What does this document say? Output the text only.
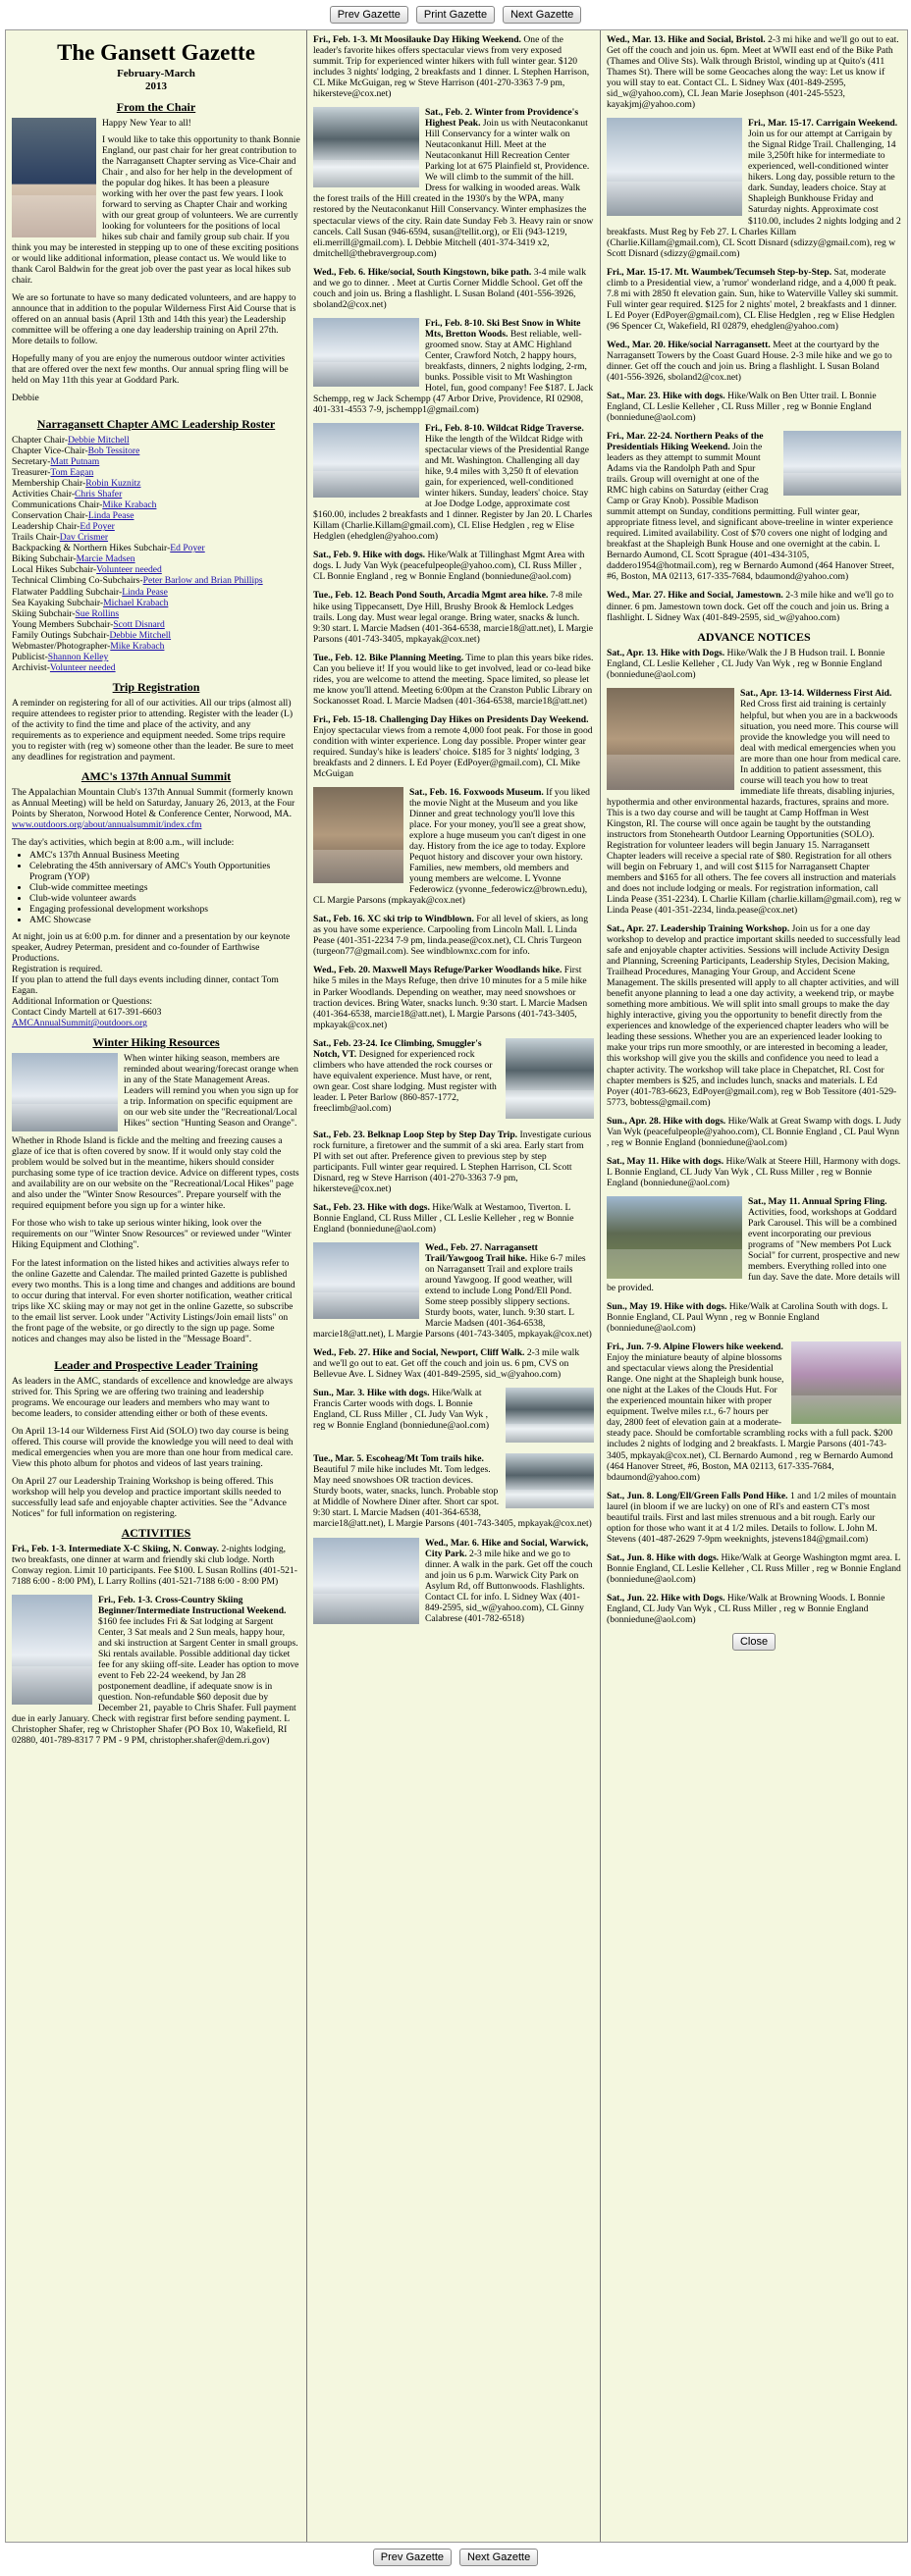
Prev Gazette	Print Gazette	Next Gazette
The Gansett Gazette

February-March

2013

From the Chair

Happy New Year to all!

I would like to take this opportunity to thank Bonnie England, our past chair for her great contribution to the Narragansett Chapter serving as Vice-Chair and Chair , and also for her help in the development of the popular dog hikes. It has been a pleasure working with her over the past few years. I look forward to serving as Chapter Chair and working with our great group of volunteers. We are currently looking for volunteers for the positions of local hikes sub chair and family group sub chair. If you think you may be interested in stepping up to one of these exciting positions or would like additional information, please contact us. We would like to thank Carol Baldwin for the great job over the past year as local hikes sub chair.

We are so fortunate to have so many dedicated volunteers, and are happy to announce that in addition to the popular Wilderness First Aid Course that is offered on an annual basis (April 13th and 14th this year) the Leadership committee will be offering a one day leadership training on April 27th. More details to follow.

Hopefully many of you are enjoy the numerous outdoor winter activities that are offered over the next few months. Our annual spring fling will be held on May 11th this year at Goddard Park.

Debbie

Narragansett Chapter AMC Leadership Roster
Chapter Chair-Debbie Mitchell
Chapter Vice-Chair-Bob Tessitore
Secretary-Matt Putnam
Treasurer-Tom Eagan
Membership Chair-Robin Kuznitz
Activities Chair-Chris Shafer
Communications Chair-Mike Krabach
Conservation Chair-Linda Pease
Leadership Chair-Ed Poyer
Trails Chair-Dav Crismer
Backpacking & Northern Hikes Subchair-Ed Poyer
Biking Subchair-Marcie Madsen
Local Hikes Subchair-Volunteer needed
Technical Climbing Co-Subchairs-Peter Barlow and Brian Phillips
Flatwater Paddling Subchair-Linda Pease
Sea Kayaking Subchair-Michael Krabach
Skiing Subchair-Sue Rollins
Young Members Subchair-Scott Disnard
Family Outings Subchair-Debbie Mitchell
Webmaster/Photographer-Mike Krabach
Publicist-Shannon Kelley
Archivist-Volunteer needed
Trip Registration

A reminder on registering for all of our activities. All our trips (almost all) require attendees to register prior to attending. Register with the leader (L) of the activity to find the time and place of the activity, and any requirements as to experience and equipment needed. Some trips require you to register with (reg w) someone other than the leader. Be sure to meet any deadlines for registration and payment.

AMC's 137th Annual Summit

The Appalachian Mountain Club's 137th Annual Summit (formerly known as Annual Meeting) will be held on Saturday, January 26, 2013, at the Four Points by Sheraton, Norwood Hotel & Conference Center, Norwood, MA.

www.outdoors.org/about/annualsummit/index.cfm

The day's activities, which begin at 8:00 a.m., will include:

• AMC's 137th Annual Business Meeting
• Celebrating the 45th anniversary of AMC's Youth Opportunities Program (YOP)
• Club-wide committee meetings
• Club-wide volunteer awards
• Engaging professional development workshops
• AMC Showcase

At night, join us at 6:00 p.m. for dinner and a presentation by our keynote speaker, Audrey Peterman, president and co-founder of Earthwise Productions.

Registration is required.

If you plan to attend the full days events including dinner, contact Tom Eagan.

Additional Information or Questions:

Contact Cindy Martell at 617-391-6603

AMCAnnualSummit@outdoors.org

Winter Hiking Resources

When winter hiking season, members are reminded about wearing/forecast orange when in any of the State Management Areas. Leaders will remind you when you sign up for a trip. Information on specific equipment are on our web site under the "Recreational/Local Hikes" section "Hunting Season and Orange".

Whether in Rhode Island is fickle and the melting and freezing causes a glaze of ice that is often covered by snow. If it would only stay cold the problem would be solved but in the meantime, hikers should consider purchasing some type of ice traction device. Advice on different types, costs and availability are on our website on the "Recreational/Local Hikes" page and also under the "Winter Snow Resources". Prepare yourself with the required equipment before you sign up for a winter hike.

For those who wish to take up serious winter hiking, look over the requirements on our "Winter Snow Resources" or reviewed under "Winter Hiking Equipment and Clothing".

For the latest information on the listed hikes and activities always refer to the online Gazette and Calendar. The mailed printed Gazette is published every two months. This is a long time and changes and additions are bound to occur during that interval. For even shorter notification, weather critical trips like XC skiing may or may not get in the online Gazette, so subscribe to the email list server. Look under "Activity Listings/Join email lists" on the front page of the website, or go directly to the sign up page. Some notices and changes may also be listed in the "Message Board".

Leader and Prospective Leader Training

As leaders in the AMC, standards of excellence and knowledge are always strived for. This Spring we are offering two training and leadership programs. We encourage our leaders and members who may want to become leaders, to consider attending either or both of these events.

On April 13-14 our Wilderness First Aid (SOLO) two day course is being offered. This course will provide the knowledge you will need to deal with medical emergencies when you are more than one hour from medical care. View this photo album for photos and videos of last years training.

On April 27 our Leadership Training Workshop is being offered. This workshop will help you develop and practice important skills needed to successfully lead safe and enjoyable chapter activities. See the "Advance Notices" for full information on registering.

ACTIVITIES
Fri., Feb. 1-3. Intermediate X-C Skiing, N. Conway. 2-nights lodging, two breakfasts, one dinner at warm and friendly ski club lodge. North Conway region. Limit 10 participants. Fee $100. L Susan Rollins (401-521-7188 6:00 - 8:00 PM), L Larry Rollins (401-521-7188 6:00 - 8:00 PM)
Fri., Feb. 1-3. Cross-Country Skiing Beginner/Intermediate Instructional Weekend. $160 fee includes Fri & Sat lodging at Sargent Center, 3 Sat meals and 2 Sun meals, happy hour, and ski instruction at Sargent Center in small groups. Ski rentals available. Possible additional day ticket fee for any skiing off-site. Leader has option to move event to Feb 22-24 weekend, by Jan 28 postponement deadline, if adequate snow is in question. Non-refundable $60 deposit due by December 21, payable to Chris Shafer. Full payment due in early January. Check with registrar first before sending payment. L Christopher Shafer, reg w Christopher Shafer (PO Box 10, Wakefield, RI 02880, 401-789-8317 7 PM - 9 PM, christopher.shafer@dem.ri.gov)
Fri., Feb. 1-3. Mt Moosilauke Day Hiking Weekend. One of the leader's favorite hikes offers spectacular views from very exposed summit. Trip for experienced winter hikers with full winter gear. $120 includes 3 nights' lodging, 2 breakfasts and 1 dinner. L Stephen Harrison, CL Mike McGuigan, reg w Steve Harrison (401-270-3363 7-9 pm, hikersteve@cox.net)
Sat., Feb. 2. Winter from Providence's Highest Peak. Join us with Neutaconkanut Hill Conservancy for a winter walk on Neutaconkanut Hill. Meet at the Neutaconkanut Hill Recreation Center Parking lot at 675 Plainfield st, Providence. We will climb to the summit of the hill. Dress for walking in wooded areas. Walk the forest trails of the Hill created in the 1930's by the WPA, many restored by the Neutaconkanut Hill Conservancy. Winter emphasizes the spectacular views of the city. Rain date Sunday Feb 3. Heavy rain or snow cancels. Call Susan (946-6594, susan@tellit.org), or Eli (943-1219, eli.merrill@gmail.com). L Debbie Mitchell (401-374-3419 x2, dmitchell@thebravergroup.com)
Wed., Feb. 6. Hike/social, South Kingstown, bike path. 3-4 mile walk and we go to dinner. . Meet at Curtis Corner Middle School. Get off the couch and join us. Bring a flashlight. L Susan Boland (401-556-3926, sboland2@cox.net)
Fri., Feb. 8-10. Ski Best Snow in White Mts, Bretton Woods. Best reliable, well-groomed snow. Stay at AMC Highland Center, Crawford Notch, 2 happy hours, breakfasts, dinners, 2 nights lodging, 2-rm, bunks. Possible visit to Mt Washington Hotel, fun, good company! Fee $187. L Jack Schempp, reg w Jack Schempp (47 Arbor Drive, Providence, RI 02908, 401-331-4553 7-9, jschempp1@gmail.com)
Fri., Feb. 8-10. Wildcat Ridge Traverse. Hike the length of the Wildcat Ridge with spectacular views of the Presidential Range and Mt. Washington. Challenging all day hike, 9.4 miles with 3,250 ft of elevation gain, for experienced, well-conditioned winter hikers. Sunday, leaders' choice. Stay at Joe Dodge Lodge, approximate cost $160.00, includes 2 breakfasts and 1 dinner. Register by Jan 20. L Charles Killam (Charlie.Killam@gmail.com), CL Elise Hedglen , reg w Elise Hedglen (ehedglen@yahoo.com)
Sat., Feb. 9. Hike with dogs. Hike/Walk at Tillinghast Mgmt Area with dogs. L Judy Van Wyk (peacefulpeople@yahoo.com), CL Russ Miller , CL Bonnie England , reg w Bonnie England (bonniedune@aol.com)
Tue., Feb. 12. Beach Pond South, Arcadia Mgmt area hike. 7-8 mile hike using Tippecansett, Dye Hill, Brushy Brook & Hemlock Ledges trails. Long day. Must wear legal orange. Bring water, snacks & lunch. 9:30 start. L Marcie Madsen (401-364-6538, marcie18@att.net), L Margie Parsons (401-743-3405, mpkayak@cox.net)
Tue., Feb. 12. Bike Planning Meeting. Time to plan this years bike rides. Can you believe it! If you would like to get involved, lead or co-lead bike rides, you are welcome to attend the meeting. Space limited, so please let me know you'll attend. Meeting 6:00pm at the Cranston Public Library on Sockanosset Road. L Marcie Madsen (401-364-6538, marcie18@att.net)
Fri., Feb. 15-18. Challenging Day Hikes on Presidents Day Weekend. Enjoy spectacular views from a remote 4,000 foot peak. For those in good condition with winter experience. Long day possible. Proper winter gear required. Sunday's hike is leaders' choice. $185 for 3 nights' lodging, 3 breakfasts and 2 dinners. L Ed Poyer (EdPoyer@gmail.com), CL Mike McGuigan
Sat., Feb. 16. Foxwoods Museum. If you liked the movie Night at the Museum and you like Dinner and great technology you'll love this place. For your money, you'll see a great show, explore a huge museum you can't digest in one day. History from the ice age to today. Explore Pequot history and discover your own history. Families, new members, old members and young members are welcome. L Yvonne Federowicz (yvonne_federowicz@brown.edu), CL Margie Parsons (mpkayak@cox.net)
Sat., Feb. 16. XC ski trip to Windblown. For all level of skiers, as long as you have some experience. Carpooling from Lincoln Mall. L Linda Pease (401-351-2234 7-9 pm, linda.pease@cox.net), CL Chris Turgeon (turgeon77@gmail.com). See windblownxc.com for info.
Wed., Feb. 20. Maxwell Mays Refuge/Parker Woodlands hike. First hike 5 miles in the Mays Refuge, then drive 10 minutes for a 5 mile hike in Parker Woodlands. Depending on weather, may need snowshoes or traction devices. Bring Water, snacks lunch. 9:30 start. L Marcie Madsen (401-364-6538, marcie18@att.net), L Margie Parsons (401-743-3405, mpkayak@cox.net)
Sat., Feb. 23-24. Ice Climbing, Smuggler's Notch, VT. Designed for experienced rock climbers who have attended the rock courses or have equivalent experience. Must have, or rent, own gear. Cost share lodging. Must register with leader. L Peter Barlow (860-857-1772, freeclimb@aol.com)
Sat., Feb. 23. Belknap Loop Step by Step Day Trip. Investigate curious rock furniture, a firetower and the summit of a ski area. Early start from PI with set out after. Preference given to previous step by step participants. Full winter gear required. L Stephen Harrison, CL Scott Disnard, reg w Steve Harrison (401-270-3363 7-9 pm, hikersteve@cox.net)
Sat., Feb. 23. Hike with dogs. Hike/Walk at Westamoo, Tiverton. L Bonnie England, CL Russ Miller , CL Leslie Kelleher , reg w Bonnie England (bonniedune@aol.com)
Wed., Feb. 27. Narragansett Trail/Yawgoog Trail hike. Hike 6-7 miles on Narragansett Trail and explore trails around Yawgoog. If good weather, will extend to include Long Pond/Ell Pond. Some steep possibly slippery sections. Sturdy boots, water, lunch. 9:30 start. L Marcie Madsen (401-364-6538, marcie18@att.net), L Margie Parsons (401-743-3405, mpkayak@cox.net)
Wed., Feb. 27. Hike and Social, Newport, Cliff Walk. 2-3 mile walk and we'll go out to eat. Get off the couch and join us. 6 pm, CVS on Bellevue Ave. L Sidney Wax (401-849-2595, sid_w@yahoo.com)
Sun., Mar. 3. Hike with dogs. Hike/Walk at Francis Carter woods with dogs. L Bonnie England, CL Russ Miller , CL Judy Van Wyk , reg w Bonnie England (bonniedune@aol.com)
Tue., Mar. 5. Escoheag/Mt Tom trails hike. Beautiful 7 mile hike includes Mt. Tom ledges. May need snowshoes OR traction devices. Sturdy boots, water, snacks, lunch. Probable stop at Middle of Nowhere Diner after. Short car spot. 9:30 start. L Marcie Madsen (401-364-6538, marcie18@att.net), L Margie Parsons (401-743-3405, mpkayak@cox.net)
Wed., Mar. 6. Hike and Social, Warwick, City Park. 2-3 mile hike and we go to dinner. A walk in the park. Get off the couch and join us 6 p.m. Warwick City Park on Asylum Rd, off Buttonwoods. Flashlights. Contact CL for info. L Sidney Wax (401-849-2595, sid_w@yahoo.com), CL Ginny Calabrese (401-782-6518)
Wed., Mar. 13. Hike and Social, Bristol. 2-3 mi hike and we'll go out to eat. Get off the couch and join us. 6pm. Meet at WWII east end of the Bike Path (Thames and Olive Sts). Walk through Bristol, winding up at Quito's (411 Thames St). There will be some Geocaches along the way: Let us know if you will stay to eat. Contact CL. L Sidney Wax (401-849-2595, sid_w@yahoo.com), CL Jean Marie Josephson (401-245-5523, kayakjmj@yahoo.com)
Fri., Mar. 15-17. Carrigain Weekend. Join us for our attempt at Carrigain by the Signal Ridge Trail. Challenging, 14 mile 3,250ft hike for intermediate to experienced, well-conditioned winter hikers. Long day, possible return to the dark. Sunday, leaders choice. Stay at Shapleigh Bunkhouse Friday and Saturday nights. Approximate cost $110.00, includes 2 nights lodging and 2 breakfasts. Must Reg by Feb 27. L Charles Killam (Charlie.Killam@gmail.com), CL Scott Disnard (sdizzy@gmail.com), reg w Scott Disnard (sdizzy@gmail.com)
Fri., Mar. 15-17. Mt. Waumbek/Tecumseh Step-by-Step. Sat, moderate climb to a Presidential view, a 'rumor' wonderland ridge, and a 4,000 ft peak. 7.8 mi with 2850 ft elevation gain. Sun, hike to Waterville Valley ski summit. Full winter gear required. $125 for 2 nights' motel, 2 breakfasts and 1 dinner. L Ed Poyer (EdPoyer@gmail.com), CL Elise Hedglen , reg w Elise Hedglen (96 Spencer Ct, Wakefield, RI 02879, ehedglen@yahoo.com)
Wed., Mar. 20. Hike/social Narragansett. Meet at the courtyard by the Narragansett Towers by the Coast Guard House. 2-3 mile hike and we go to dinner. Get off the couch and join us. Bring a flashlight. L Susan Boland (401-556-3926, sboland2@cox.net)
Sat., Mar. 23. Hike with dogs. Hike/Walk on Ben Utter trail. L Bonnie England, CL Leslie Kelleher , CL Russ Miller , reg w Bonnie England (bonniedune@aol.com)
Fri., Mar. 22-24. Northern Peaks of the Presidentials Hiking Weekend. Join the leaders as they attempt to summit Mount Adams via the Randolph Path and Spur trails. Group will overnight at one of the RMC high cabins on Saturday (either Crag Camp or Gray Knob). Possible Madison summit attempt on Sunday, conditions permitting. Full winter gear, appropriate fitness level, and significant above-treeline in winter experience required. Limited availability. Cost of $70 covers one night of lodging and breakfast at the Shapleigh Bunk House and one overnight at the cabin. L Bernardo Aumond, CL Scott Sprague (401-434-3105, daddero1954@hotmail.com), reg w Bernardo Aumond (464 Hanover Street, #6, Boston, MA 02113, 617-335-7684, bdaumond@yahoo.com)
Wed., Mar. 27. Hike and Social, Jamestown. 2-3 mile hike and we'll go to dinner. 6 pm. Jamestown town dock. Get off the couch and join us. Bring a flashlight. L Sidney Wax (401-849-2595, sid_w@yahoo.com)
ADVANCE NOTICES
Sat., Apr. 13. Hike with Dogs. Hike/Walk the J B Hudson trail. L Bonnie England, CL Leslie Kelleher , CL Judy Van Wyk , reg w Bonnie England (bonniedune@aol.com)
Sat., Apr. 13-14. Wilderness First Aid. Red Cross first aid training is certainly helpful, but when you are in a backwoods situation, you need more. This course will provide the knowledge you will need to deal with medical emergencies when you are more than one hour from medical care. In addition to patient assessment, this course will teach you how to treat immediate life threats, disabling injuries, hypothermia and other environmental hazards, fractures, sprains and more. This is a two day course and will be taught at Camp Hoffman in West Kingston, RI. The course will once again be taught by the outstanding instructors from Stonehearth Outdoor Learning Opportunities (SOLO). Registration for volunteer leaders will begin January 15. Narragansett Chapter leaders will receive a special rate of $80. Registration for all others will begin on February 1, and will cost $115 for Narragansett Chapter members and $165 for all others. The fee covers all instruction and materials and does not include lodging or meals. For registration information, call Linda Pease (351-2234). L Charlie Killam (charlie.killam@gmail.com), reg w Linda Pease (401-351-2234, linda.pease@cox.net)
Sat., Apr. 27. Leadership Training Workshop. Join us for a one day workshop to develop and practice important skills needed to successfully lead safe and enjoyable chapter activities. Sessions will include Activity Design and Planning, Screening Participants, Leadership Styles, Decision Making, Trailhead Procedures, Managing Your Group, and Accident Scene Management. The skills presented will apply to all chapter activities, and will benefit anyone planning to lead a one day activity, a weekend trip, or maybe something more ambitious. We will split into small groups to make the day highly interactive, giving you the opportunity to benefit directly from the experiences and knowledge of the experienced chapter leaders who will be leading these sessions. Whether you are an experienced leader looking to make your trips run more smoothly, or are interested in becoming a leader, this workshop will give you the skills and confidence you need to lead a chapter activity. The workshop will take place in Chepatchet, RI. Cost for chapter members is $25, and includes lunch, snacks and materials. L Ed Poyer (401-783-6623, EdPoyer@gmail.com), reg w Bob Tessitore (401-529-5773, bobtess@gmail.com)
Sun., Apr. 28. Hike with dogs. Hike/Walk at Great Swamp with dogs. L Judy Van Wyk (peacefulpeople@yahoo.com), CL Bonnie England , CL Paul Wynn , reg w Bonnie England (bonniedune@aol.com)
Sat., May 11. Hike with dogs. Hike/Walk at Steere Hill, Harmony with dogs. L Bonnie England, CL Judy Van Wyk , CL Russ Miller , reg w Bonnie England (bonniedune@aol.com)
Sat., May 11. Annual Spring Fling. Activities, food, workshops at Goddard Park Carousel. This will be a combined event incorporating our previous programs of "New members Pot Luck Social" for current, prospective and new members. Everything rolled into one fun day. Save the date. More details will be provided.
Sun., May 19. Hike with dogs. Hike/Walk at Carolina South with dogs. L Bonnie England, CL Paul Wynn , reg w Bonnie England (bonniedune@aol.com)
Fri., Jun. 7-9. Alpine Flowers hike weekend. Enjoy the miniature beauty of alpine blossoms and spectacular views along the Presidential Range. One night at the Shapleigh bunk house, one night at the Lakes of the Clouds Hut. For the experienced mountain hiker with proper equipment. Twelve miles r.t., 6-7 hours per day, 2800 feet of elevation gain at a moderate-steady pace. Should be comfortable scrambling rocks with a full pack. $200 includes 2 nights of lodging and 2 breakfasts. L Margie Parsons (401-743-3405, mpkayak@cox.net), CL Bernardo Aumond , reg w Bernardo Aumond (464 Hanover Street, #6, Boston, MA 02113, 617-335-7684, bdaumond@yahoo.com)
Sat., Jun. 8. Long/Ell/Green Falls Pond Hike. 1 and 1/2 miles of mountain laurel (in bloom if we are lucky) on one of RI's and eastern CT's most beautiful trails. First and last miles strenuous and a bit rough. Early our option for those who want it at 4 1/2 miles. Details to follow. L John M. Stevens (401-487-2629 7-9pm weeknights, jstevens184@gmail.com)
Sat., Jun. 8. Hike with dogs. Hike/Walk at George Washington mgmt area. L Bonnie England, CL Leslie Kelleher , CL Russ Miller , reg w Bonnie England (bonniedune@aol.com)
Sat., Jun. 22. Hike with Dogs. Hike/Walk at Browning Woods. L Bonnie England, CL Judy Van Wyk , CL Russ Miller , reg w Bonnie England (bonniedune@aol.com)
Close
Prev Gazette	Next Gazette
